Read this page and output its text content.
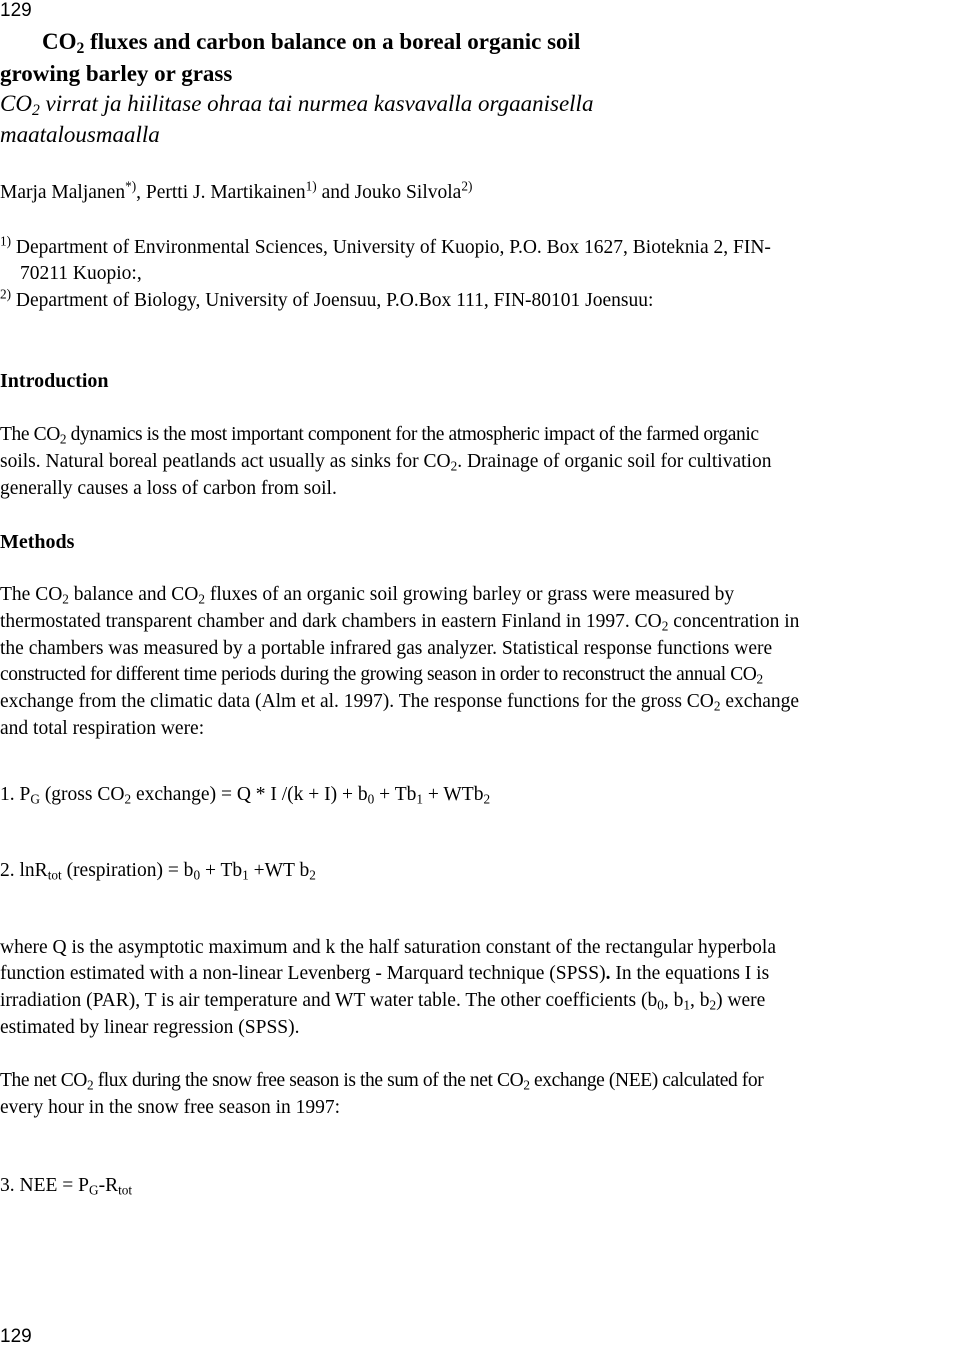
129
$CO_2$ fluxes and carbon balance on a boreal organic soil
growing barley or grass
$CO_2$ virrat ja hiilitase ohraa tai nurmea kasvavalla orgaanisella
maatalousmaalla
Marja Maljanen*), Pertti J. Martikainen$^{1)}$ and Jouko Silvola$^{2)}$
$^{1)}$ Department of Environmental Sciences, University of Kuopio, P.O. Box 1627, Bioteknia 2, FIN-
70211 Kuopio:,
$^{2)}$ Department of Biology, University of Joensuu, P.O.Box 111, FIN-80101 Joensuu:
Introduction
The $CO_2$ dynamics is the most important component for the atmospheric impact of the farmed organic
soils. Natural boreal peatlands act usually as sinks for $CO_2$. Drainage of organic soil for cultivation
generally causes a loss of carbon from soil.
Methods
The $CO_2$ balance and $CO_2$ fluxes of an organic soil growing barley or grass were measured by
thermostated transparent chamber and dark chambers in eastern Finland in 1997. $CO_2$ concentration in
the chambers was measured by a portable infrared gas analyzer. Statistical response functions were
constructed for different time periods during the growing season in order to reconstruct the annual $CO_2$
exchange from the climatic data (Alm et al. 1997). The response functions for the gross $CO_2$ exchange
and total respiration were:
1. $P_G$ (gross $CO_2$ exchange) = Q * I $/(k + I) + b_0 + Tb_1 + WTb_2$
2. lnR$_{tot}$ (respiration) = $b_0 + Tb_1 +WT$ $b_2$
where Q is the asymptotic maximum and k the half saturation constant of the rectangular hyperbola
function estimated with a non-linear Levenberg - Marquard technique (SPSS). In the equations I is
irradiation (PAR), T is air temperature and WT water table. The other coefficients ($b_0$, $b_1$, $b_2$) were
estimated by linear regression (SPSS).
The net $CO_2$ flux during the snow free season is the sum of the net $CO_2$ exchange (NEE) calculated for
every hour in the snow free season in 1997:
3. NEE = $P_G-R_{tot}$
129
